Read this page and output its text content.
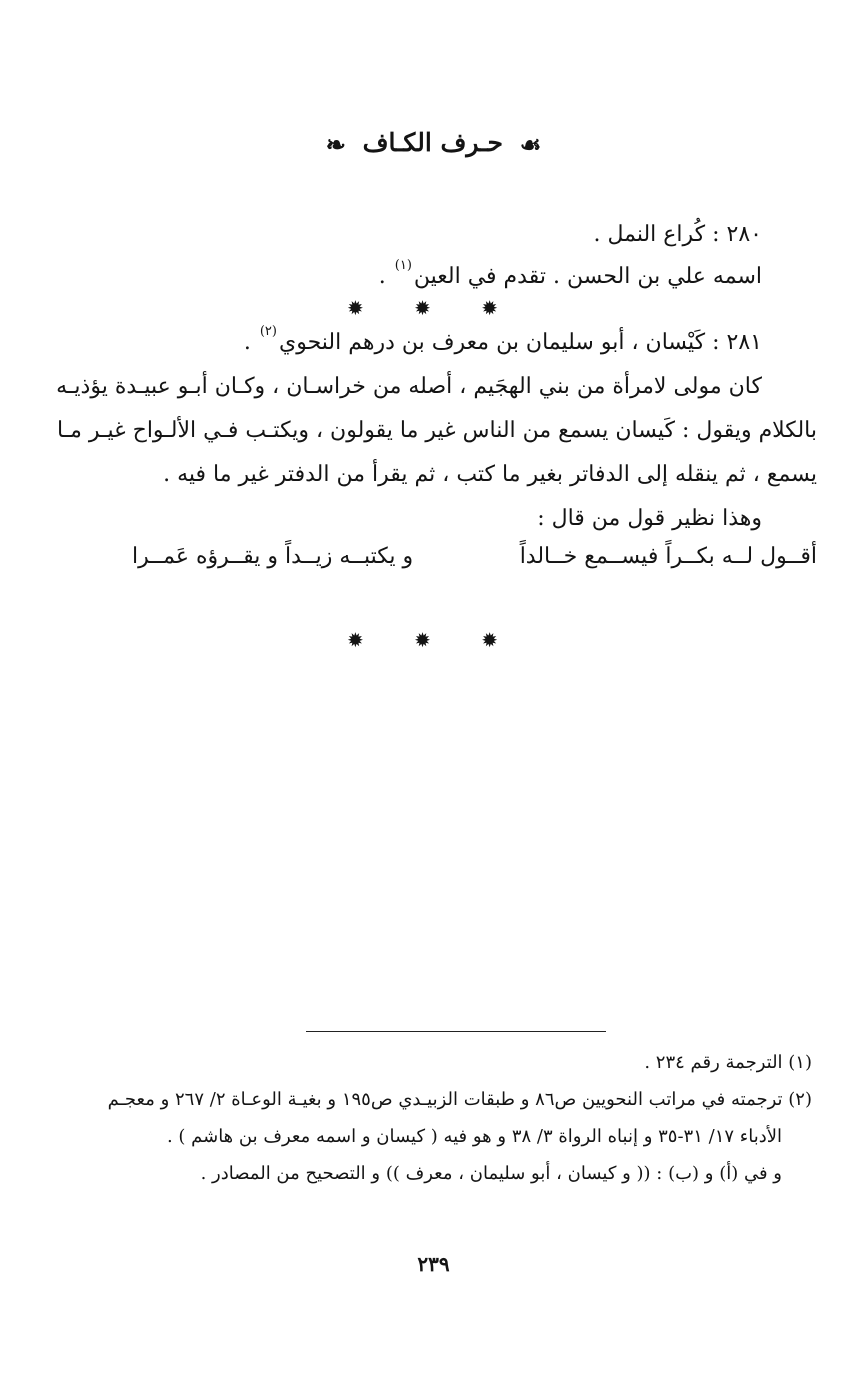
☙ حـرف الكـاف ❧
٢٨٠ : كُراع النمل .
اسمه علي بن الحسن . تقدم في العين$^{(١)}$ .
✹ ✹ ✹
٢٨١ : كَيْسان ، أبو سليمان بن معرف بن درهم النحوي$^{(٢)}$ .
كان مولى لامرأة من بني الهجَيم ، أصله من خراسـان ، وكـان أبـو عبيـدة يؤذيـه
بالكلام ويقول : كَيسان يسمع من الناس غير ما يقولون ، ويكتـب فـي الألـواح غيـر مـا
يسمع ، ثم ينقله إلى الدفاتر بغير ما كتب ، ثم يقرأ من الدفتر غير ما فيه .
وهذا نظير قول من قال :
أقــول لــه بكــراً فيســمع خــالداً
و يكتبــه زيــداً و يقــرؤه عَمــرا
✹ ✹ ✹
(١) الترجمة رقم ٢٣٤ .
(٢) ترجمته في مراتب النحويين ص٨٦ و طبقات الزبيـدي ص١٩٥ و بغيـة الوعـاة ٢/ ٢٦٧ و معجـم
الأدباء ١٧/ ٣١-٣٥ و إنباه الرواة ٣/ ٣٨ و هو فيه ( كيسان و اسمه معرف بن هاشم ) .
و في (أ) و (ب) : (( و كيسان ، أبو سليمان ، معرف )) و التصحيح من المصادر .
٢٣٩
